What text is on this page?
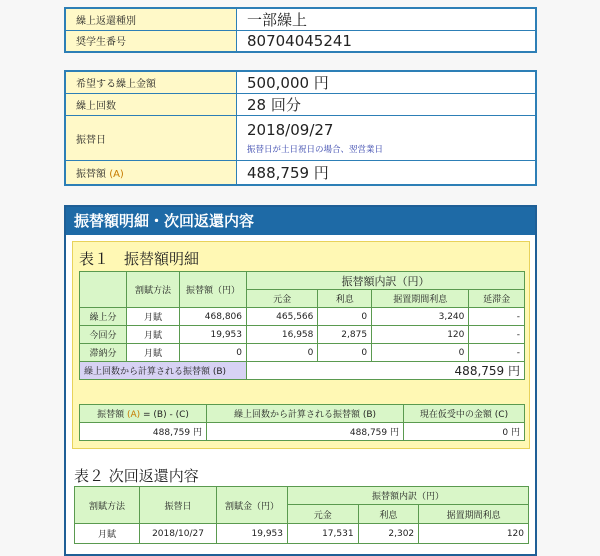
繰上返還種別	一部繰上
奨学生番号	80704045241
希望する繰上金額	500,000 円
繰上回数	28 回分
振替日	2018/09/27
振替日が土日祝日の場合、翌営業日

振替額 (A)	488,759 円
振替額明細・次回返還内容
表１　振替額明細
	割賦方法	振替額（円）	振替額内訳（円）			
			元金	利息	据置期間利息	延滞金
繰上分	月賦	468,806	465,566	0	3,240	-
今回分	月賦	19,953	16,958	2,875	120	-
滞納分	月賦	0	0	0	0	-
繰上回数から計算される振替額 (B)			488,759 円			
振替額 (A) = (B) - (C)	繰上回数から計算される振替額 (B)	現在仮受中の金額 (C)
488,759 円	488,759 円	0 円
表２ 次回返還内容
割賦方法	振替日	割賦金（円）	振替額内訳（円）		
			元金	利息	据置期間利息
月賦	2018/10/27	19,953	17,531	2,302	120
